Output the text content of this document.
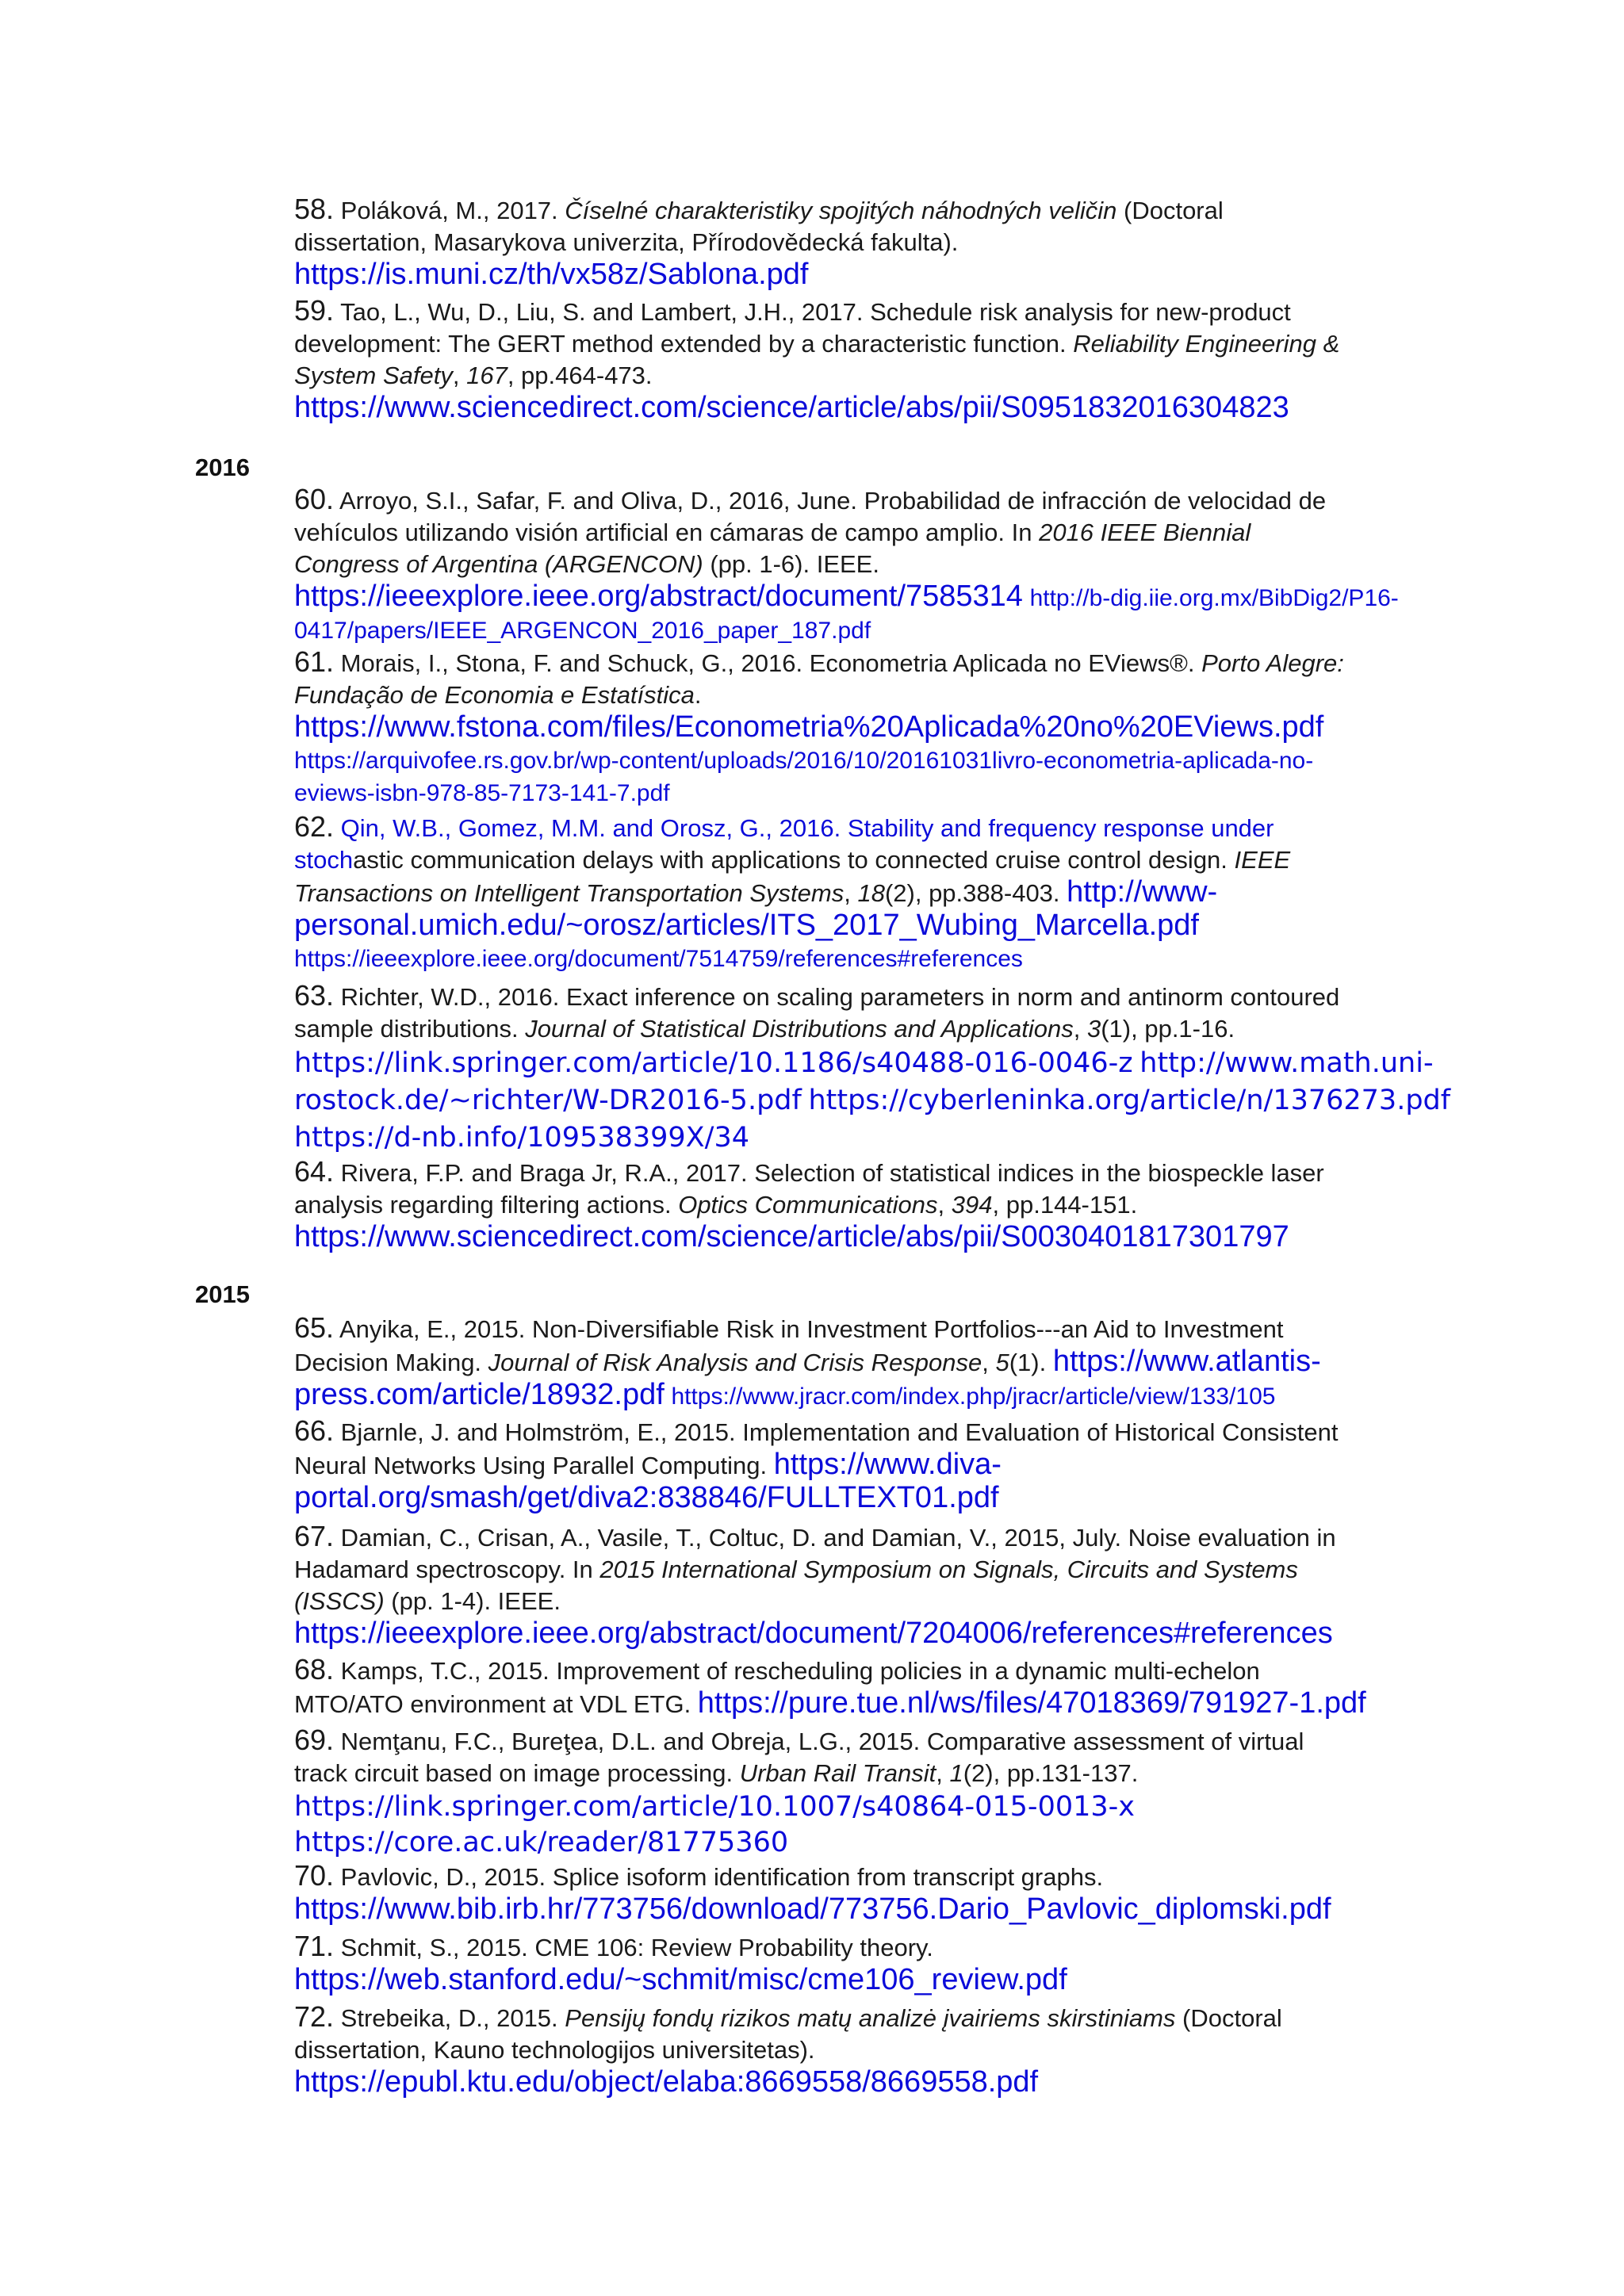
58. Poláková, M., 2017. Číselné charakteristiky spojitých náhodných veličin (Doctoral
dissertation, Masarykova univerzita, Přírodovědecká fakulta).
https://is.muni.cz/th/vx58z/Sablona.pdf
59. Tao, L., Wu, D., Liu, S. and Lambert, J.H., 2017. Schedule risk analysis for new-product
development: The GERT method extended by a characteristic function. Reliability Engineering &
System Safety, 167, pp.464-473.
https://www.sciencedirect.com/science/article/abs/pii/S0951832016304823
2016
60. Arroyo, S.I., Safar, F. and Oliva, D., 2016, June. Probabilidad de infracción de velocidad de
vehículos utilizando visión artificial en cámaras de campo amplio. In 2016 IEEE Biennial
Congress of Argentina (ARGENCON) (pp. 1-6). IEEE.
https://ieeexplore.ieee.org/abstract/document/7585314 http://b-dig.iie.org.mx/BibDig2/P16-
0417/papers/IEEE_ARGENCON_2016_paper_187.pdf
61. Morais, I., Stona, F. and Schuck, G., 2016. Econometria Aplicada no EViews®. Porto Alegre:
Fundação de Economia e Estatística.
https://www.fstona.com/files/Econometria%20Aplicada%20no%20EViews.pdf
https://arquivofee.rs.gov.br/wp-content/uploads/2016/10/20161031livro-econometria-aplicada-no-
eviews-isbn-978-85-7173-141-7.pdf
62. Qin, W.B., Gomez, M.M. and Orosz, G., 2016. Stability and frequency response under
stochastic communication delays with applications to connected cruise control design. IEEE
Transactions on Intelligent Transportation Systems, 18(2), pp.388-403. http://www-
personal.umich.edu/~orosz/articles/ITS_2017_Wubing_Marcella.pdf
https://ieeexplore.ieee.org/document/7514759/references#references
63. Richter, W.D., 2016. Exact inference on scaling parameters in norm and antinorm contoured
sample distributions. Journal of Statistical Distributions and Applications, 3(1), pp.1-16.
https://link.springer.com/article/10.1186/s40488-016-0046-z http://www.math.uni-
rostock.de/~richter/W-DR2016-5.pdf https://cyberleninka.org/article/n/1376273.pdf
https://d-nb.info/109538399X/34
64. Rivera, F.P. and Braga Jr, R.A., 2017. Selection of statistical indices in the biospeckle laser
analysis regarding filtering actions. Optics Communications, 394, pp.144-151.
https://www.sciencedirect.com/science/article/abs/pii/S0030401817301797
2015
65. Anyika, E., 2015. Non-Diversifiable Risk in Investment Portfolios---an Aid to Investment
Decision Making. Journal of Risk Analysis and Crisis Response, 5(1). https://www.atlantis-
press.com/article/18932.pdf https://www.jracr.com/index.php/jracr/article/view/133/105
66. Bjarnle, J. and Holmström, E., 2015. Implementation and Evaluation of Historical Consistent
Neural Networks Using Parallel Computing. https://www.diva-
portal.org/smash/get/diva2:838846/FULLTEXT01.pdf
67. Damian, C., Crisan, A., Vasile, T., Coltuc, D. and Damian, V., 2015, July. Noise evaluation in
Hadamard spectroscopy. In 2015 International Symposium on Signals, Circuits and Systems
(ISSCS) (pp. 1-4). IEEE.
https://ieeexplore.ieee.org/abstract/document/7204006/references#references
68. Kamps, T.C., 2015. Improvement of rescheduling policies in a dynamic multi-echelon
MTO/ATO environment at VDL ETG. https://pure.tue.nl/ws/files/47018369/791927-1.pdf
69. Nemţanu, F.C., Bureţea, D.L. and Obreja, L.G., 2015. Comparative assessment of virtual
track circuit based on image processing. Urban Rail Transit, 1(2), pp.131-137.
https://link.springer.com/article/10.1007/s40864-015-0013-x
https://core.ac.uk/reader/81775360
70. Pavlovic, D., 2015. Splice isoform identification from transcript graphs.
https://www.bib.irb.hr/773756/download/773756.Dario_Pavlovic_diplomski.pdf
71. Schmit, S., 2015. CME 106: Review Probability theory.
https://web.stanford.edu/~schmit/misc/cme106_review.pdf
72. Strebeika, D., 2015. Pensijų fondų rizikos matų analizė įvairiems skirstiniams (Doctoral
dissertation, Kauno technologijos universitetas).
https://epubl.ktu.edu/object/elaba:8669558/8669558.pdf
